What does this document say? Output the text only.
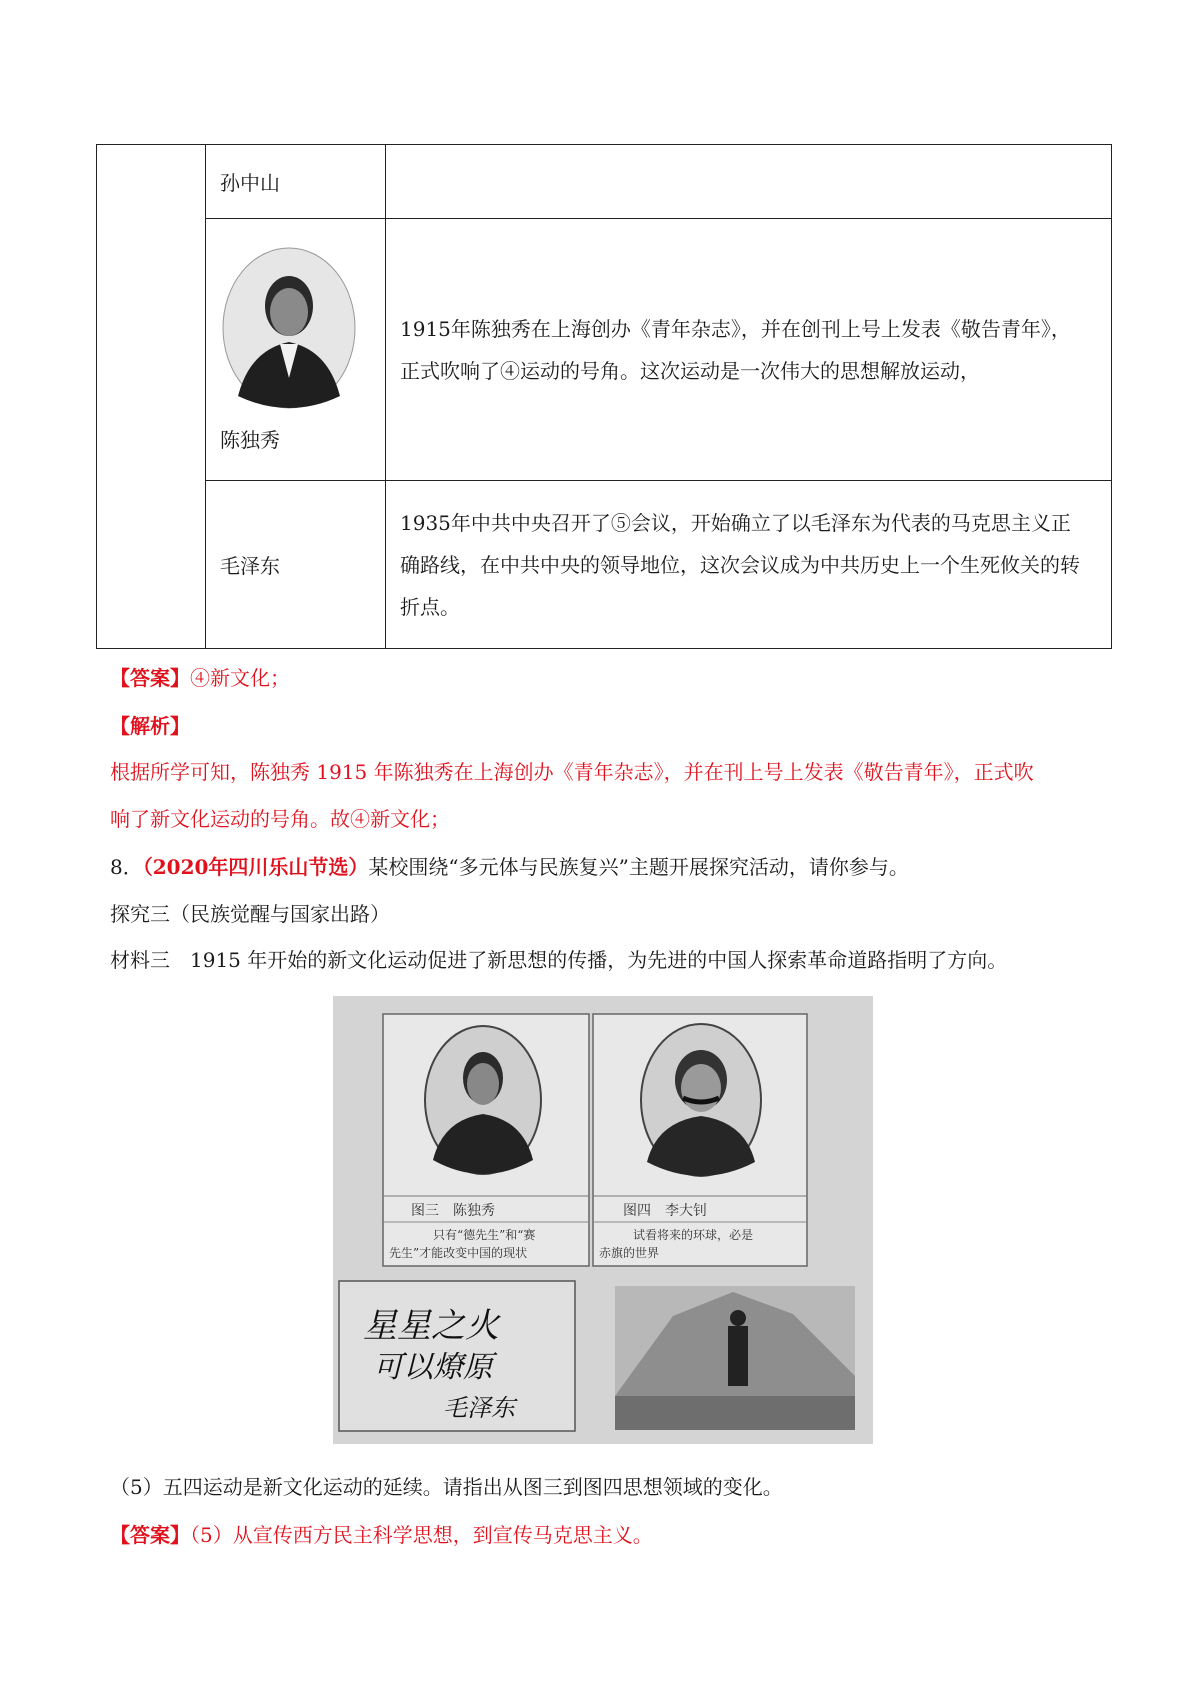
	孙中山	

	陈独秀	1915年陈独秀在上海创办《青年杂志》，并在创刊上号上发表《敬告青年》，
正式吹响了④运动的号角。这次运动是一次伟大的思想解放运动，

	毛泽东	1935年中共中央召开了⑤会议，开始确立了以毛泽东为代表的马克思主义正
确路线，在中共中央的领导地位，这次会议成为中共历史上一个生死攸关的转
折点。
【答案】④新文化；
【解析】
根据所学可知，陈独秀 1915 年陈独秀在上海创办《青年杂志》，并在刊上号上发表《敬告青年》，正式吹
响了新文化运动的号角。故④新文化；
8．（2020年四川乐山节选）某校围绕“多元体与民族复兴”主题开展探究活动，请你参与。
探究三（民族觉醒与国家出路）
材料三　1915 年开始的新文化运动促进了新思想的传播，为先进的中国人探索革命道路指明了方向。
图三　陈独秀	图四　李大钊
只有“德先生”和“赛
先生”才能改变中国的现状
试看将来的环球，必是
赤旗的世界
星星之火
可以燎原
毛泽东
（5）五四运动是新文化运动的延续。请指出从图三到图四思想领域的变化。
【答案】（5）从宣传西方民主科学思想，到宣传马克思主义。
